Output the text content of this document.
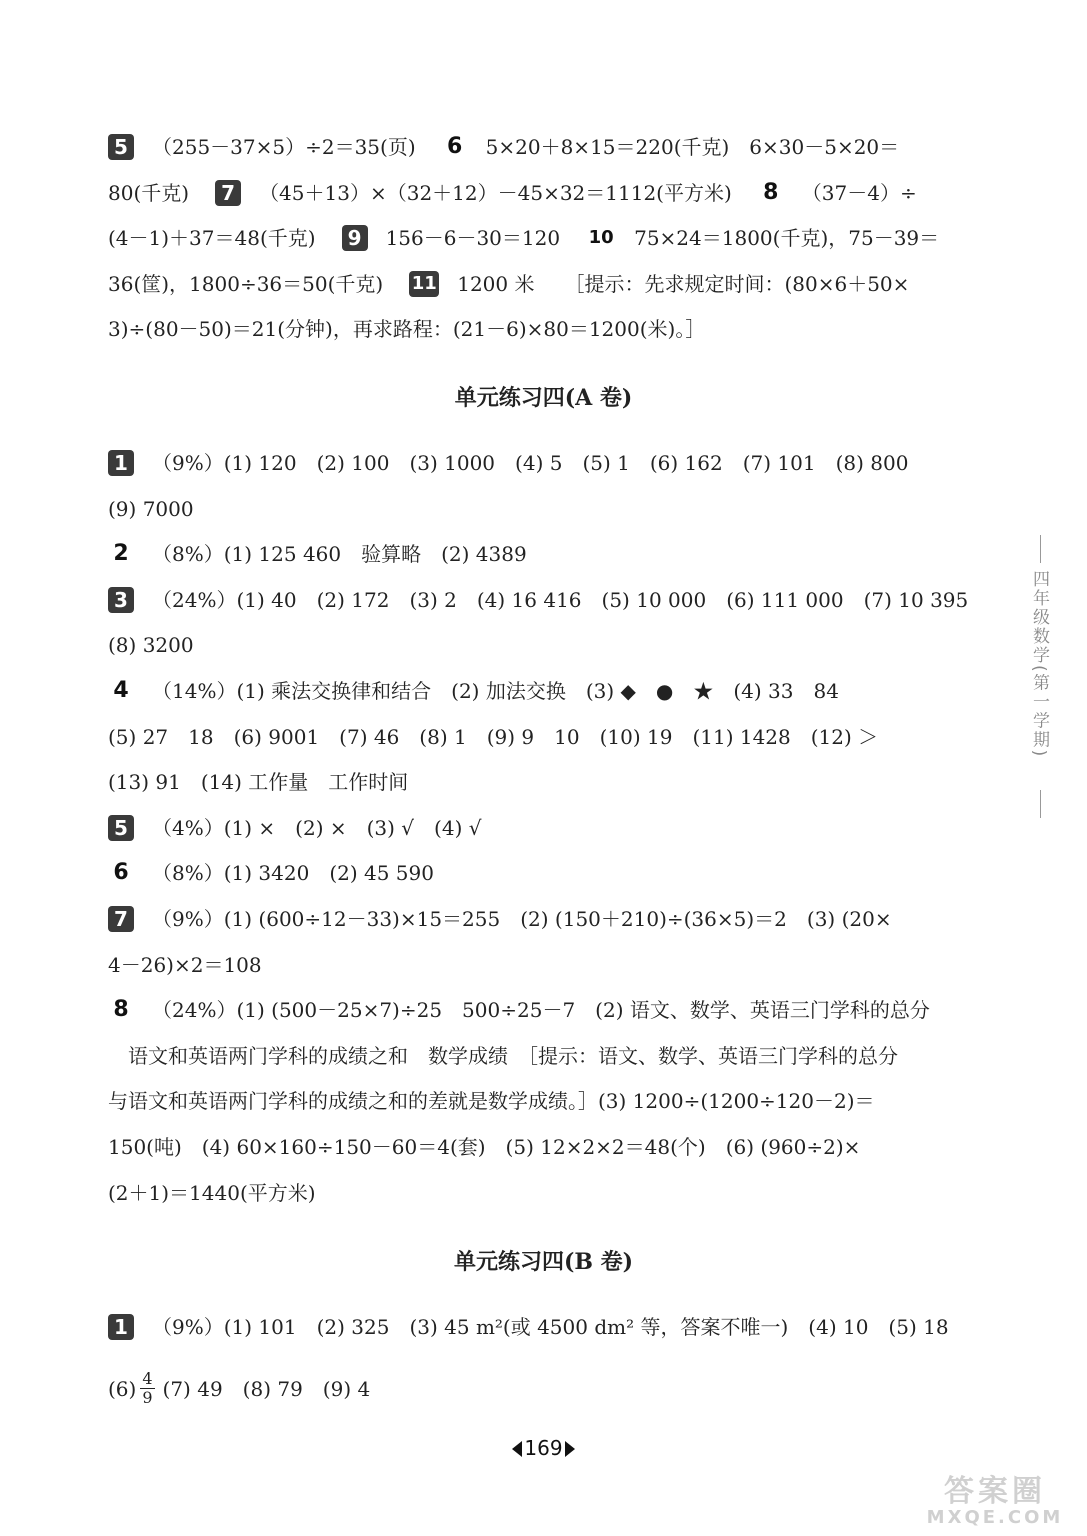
5	（255－37×5）÷2＝35(页) 6 5×20＋8×15＝220(千克)　6×30－5×20＝
80(千克)	7	（45＋13）×（32＋12）－45×32＝1112(平方米) 8 （37－4）÷
(4－1)＋37＝48(千克)	9	156－6－30＝120 10 75×24＝1800(千克)，75－39＝
36(筐)，1800÷36＝50(千克) 11 1200 米　　［提示：先求规定时间：(80×6＋50×
3)÷(80－50)＝21(分钟)，再求路程：(21－6)×80＝1200(米)。］
单元练习四(A 卷)
1	（9%）(1) 120　(2) 100　(3) 1000　(4) 5　(5) 1　(6) 162　(7) 101　(8) 800
(9) 7000
2 （8%）(1) 125 460　验算略　(2) 4389
3	（24%）(1) 40　(2) 172　(3) 2　(4) 16 416　(5) 10 000　(6) 111 000　(7) 10 395
(8) 3200
4 （14%）(1) 乘法交换律和结合　(2) 加法交换　(3) ◆　●　★　(4) 33　84
(5) 27　18　(6) 9001　(7) 46　(8) 1　(9) 9　10　(10) 19　(11) 1428　(12) ＞
(13) 91　(14) 工作量　工作时间
5	（4%）(1) ×　(2) ×　(3) √　(4) √
6 （8%）(1) 3420　(2) 45 590
7	（9%）(1) (600÷12－33)×15＝255　(2) (150＋210)÷(36×5)＝2　(3) (20×
4－26)×2＝108
8 （24%）(1) (500－25×7)÷25　500÷25－7　(2) 语文、数学、英语三门学科的总分
　语文和英语两门学科的成绩之和　数学成绩　［提示：语文、数学、英语三门学科的总分
与语文和英语两门学科的成绩之和的差就是数学成绩。］(3) 1200÷(1200÷120－2)＝
150(吨)　(4) 60×160÷150－60＝4(套)　(5) 12×2×2＝48(个)　(6) (960÷2)×
(2＋1)＝1440(平方米)
单元练习四(B 卷)
1	（9%）(1) 101　(2) 325　(3) 45 m²(或 4500 dm² 等，答案不唯一)　(4) 10　(5) 18
$(6) \frac{4}{9} (7)$ 49　(8) 79　(9) 4
四年级数学(第一学期)
169
答案圈
MXQE.COM
